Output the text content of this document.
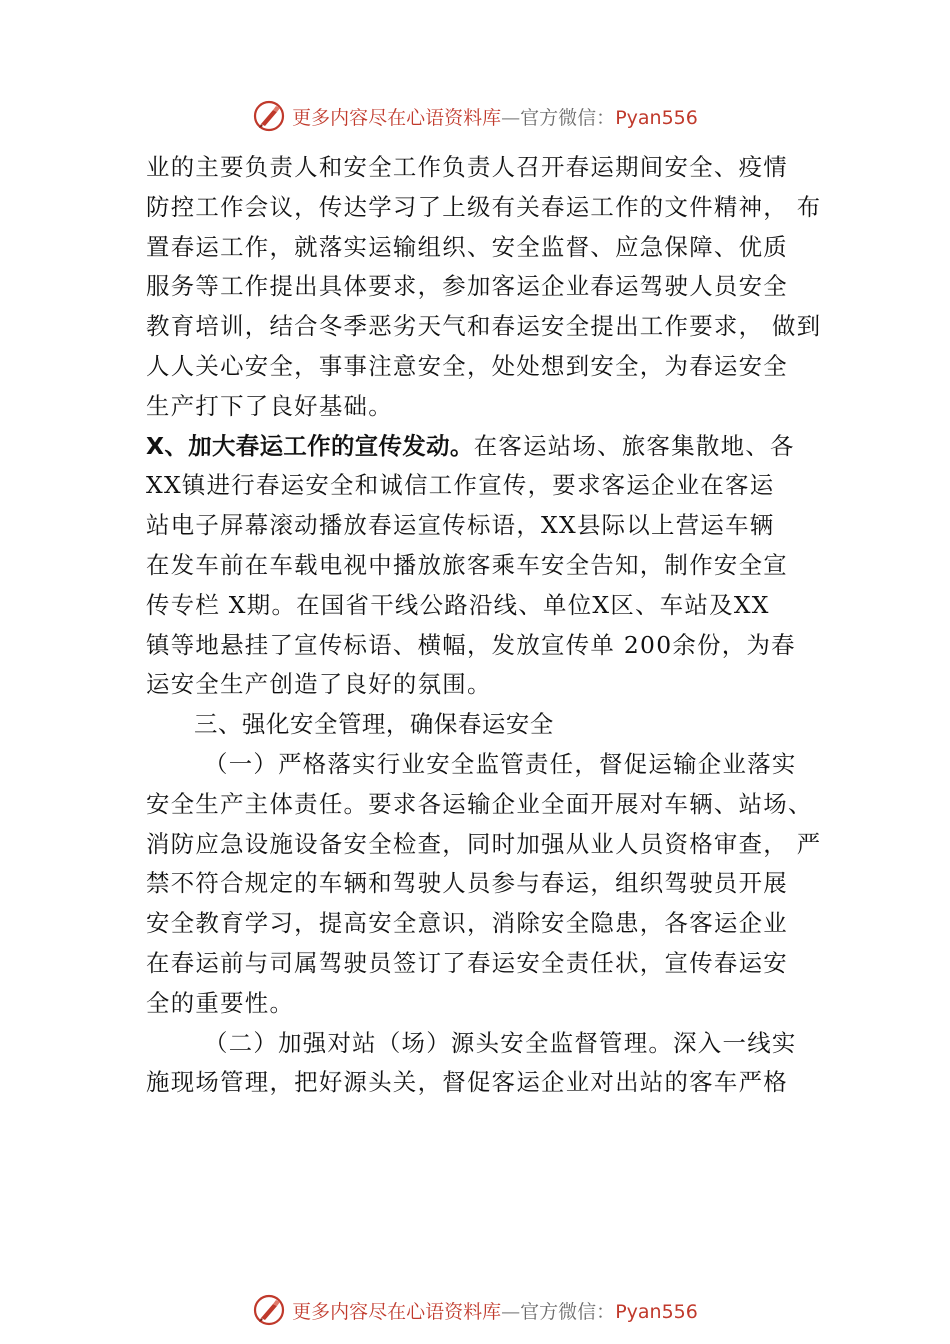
更多内容尽在心语资料库—官方微信：Pyan556
业的主要负责人和安全工作负责人召开春运期间安全、疫情
防控工作会议，传达学习了上级有关春运工作的文件精神， 布
置春运工作，就落实运输组织、安全监督、应急保障、优质
服务等工作提出具体要求，参加客运企业春运驾驶人员安全
教育培训，结合冬季恶劣天气和春运安全提出工作要求， 做到
人人关心安全，事事注意安全，处处想到安全，为春运安全
生产打下了良好基础。
X、加大春运工作的宣传发动。在客运站场、旅客集散地、各
XX镇进行春运安全和诚信工作宣传，要求客运企业在客运
站电子屏幕滚动播放春运宣传标语，XX县际以上营运车辆
在发车前在车载电视中播放旅客乘车安全告知，制作安全宣
传专栏 X期。在国省干线公路沿线、单位X区、车站及XX
镇等地悬挂了宣传标语、横幅，发放宣传单 200余份，为春
运安全生产创造了良好的氛围。
三、强化安全管理，确保春运安全
（一）严格落实行业安全监管责任，督促运输企业落实
安全生产主体责任。要求各运输企业全面开展对车辆、站场、
消防应急设施设备安全检查，同时加强从业人员资格审查， 严
禁不符合规定的车辆和驾驶人员参与春运，组织驾驶员开展
安全教育学习，提高安全意识，消除安全隐患，各客运企业
在春运前与司属驾驶员签订了春运安全责任状，宣传春运安
全的重要性。
（二）加强对站（场）源头安全监督管理。深入一线实
施现场管理，把好源头关，督促客运企业对出站的客车严格
更多内容尽在心语资料库—官方微信：Pyan556
